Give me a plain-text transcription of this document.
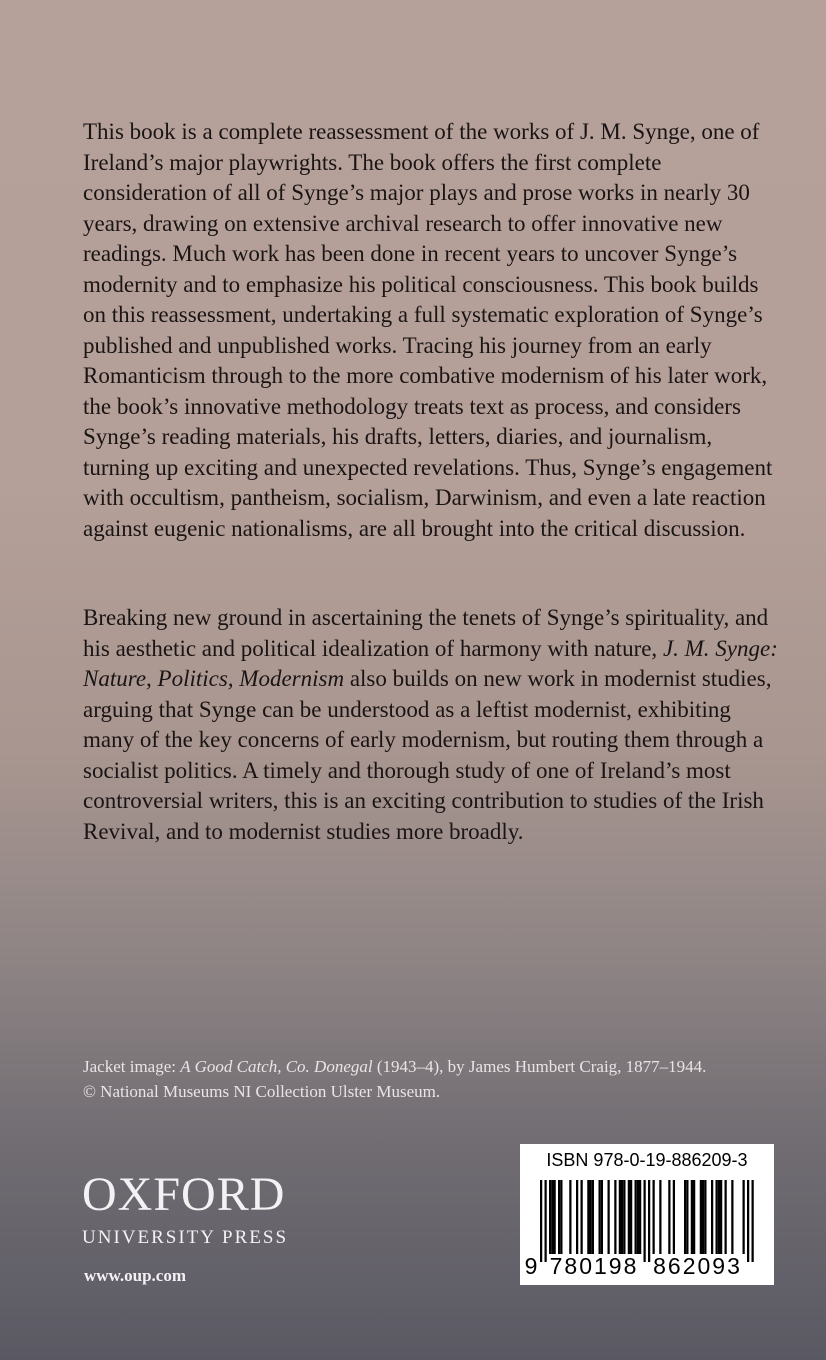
This book is a complete reassessment of the works of J. M. Synge, one of Ireland’s major playwrights. The book offers the first complete consideration of all of Synge’s major plays and prose works in nearly 30 years, drawing on extensive archival research to offer innovative new readings. Much work has been done in recent years to uncover Synge’s modernity and to emphasize his political consciousness. This book builds on this reassessment, undertaking a full systematic exploration of Synge’s published and unpublished works. Tracing his journey from an early Romanticism through to the more combative modernism of his later work, the book’s innovative methodology treats text as process, and considers Synge’s reading materials, his drafts, letters, diaries, and journalism, turning up exciting and unexpected revelations. Thus, Synge’s engagement with occultism, pantheism, socialism, Darwinism, and even a late reaction against eugenic nationalisms, are all brought into the critical discussion.

Breaking new ground in ascertaining the tenets of Synge’s spirituality, and his aesthetic and political idealization of harmony with nature, J. M. Synge: Nature, Politics, Modernism also builds on new work in modernist studies, arguing that Synge can be understood as a leftist modernist, exhibiting many of the key concerns of early modernism, but routing them through a socialist politics. A timely and thorough study of one of Ireland’s most controversial writers, this is an exciting contribution to studies of the Irish Revival, and to modernist studies more broadly.

Jacket image: A Good Catch, Co. Donegal (1943–4), by James Humbert Craig, 1877–1944.
© National Museums NI Collection Ulster Museum.

OXFORD
UNIVERSITY PRESS
www.oup.com
ISBN 978-0-19-886209-3
9 780198 862093
